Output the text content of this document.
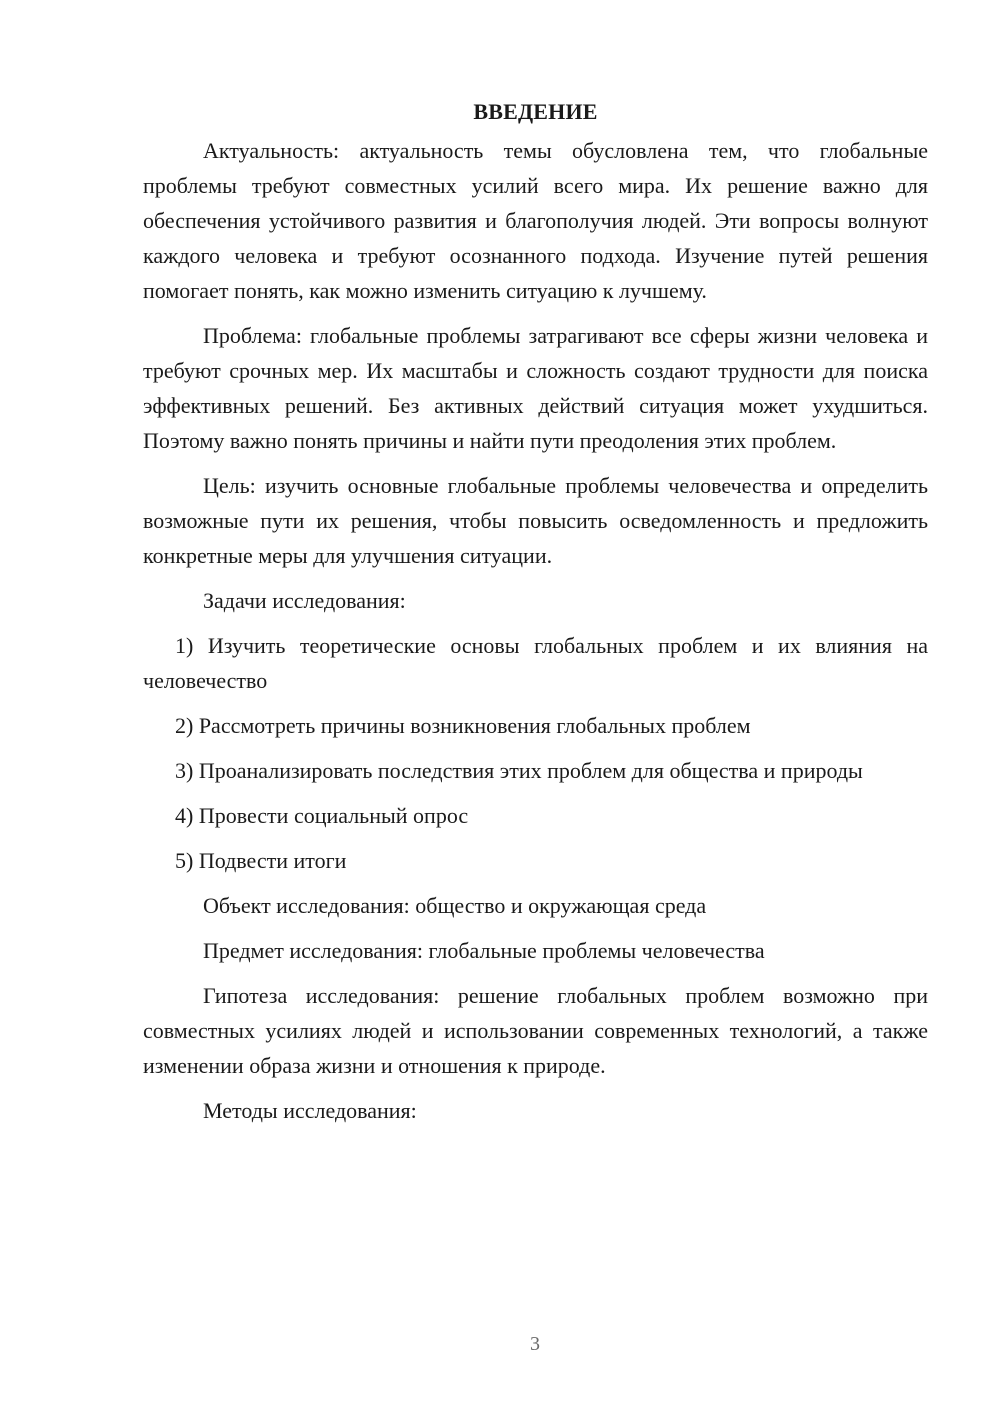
ВВЕДЕНИЕ

Актуальность: актуальность темы обусловлена тем, что глобальные проблемы требуют совместных усилий всего мира. Их решение важно для обеспечения устойчивого развития и благополучия людей. Эти вопросы волнуют каждого человека и требуют осознанного подхода. Изучение путей решения помогает понять, как можно изменить ситуацию к лучшему.

Проблема: глобальные проблемы затрагивают все сферы жизни человека и требуют срочных мер. Их масштабы и сложность создают трудности для поиска эффективных решений. Без активных действий ситуация может ухудшиться. Поэтому важно понять причины и найти пути преодоления этих проблем.

Цель: изучить основные глобальные проблемы человечества и определить возможные пути их решения, чтобы повысить осведомленность и предложить конкретные меры для улучшения ситуации.

Задачи исследования:

1) Изучить теоретические основы глобальных проблем и их влияния на человечество

2) Рассмотреть причины возникновения глобальных проблем

3) Проанализировать последствия этих проблем для общества и природы

4) Провести социальный опрос

5) Подвести итоги

Объект исследования: общество и окружающая среда

Предмет исследования: глобальные проблемы человечества

Гипотеза исследования: решение глобальных проблем возможно при совместных усилиях людей и использовании современных технологий, а также изменении образа жизни и отношения к природе.

Методы исследования:

3
